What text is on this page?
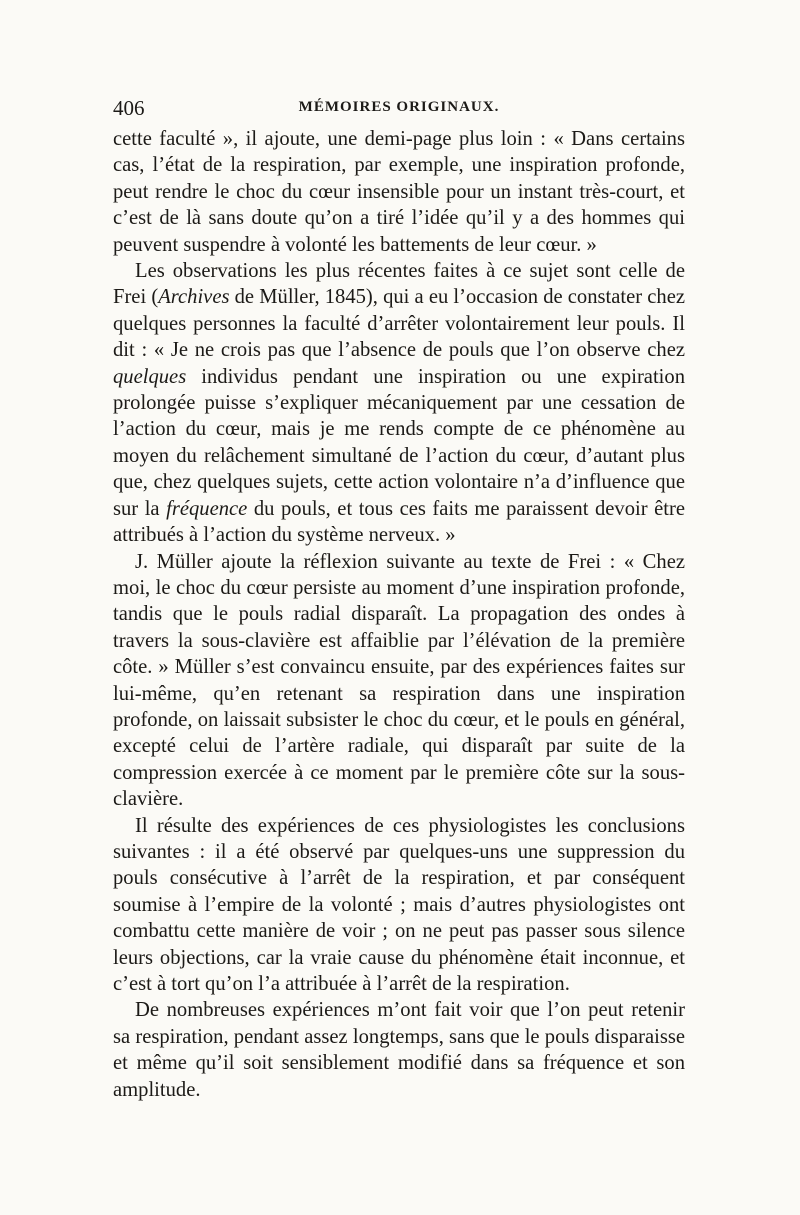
406	MÉMOIRES ORIGINAUX.

cette faculté », il ajoute, une demi-page plus loin : « Dans certains cas, l’état de la respiration, par exemple, une inspiration profonde, peut rendre le choc du cœur insensible pour un instant très-court, et c’est de là sans doute qu’on a tiré l’idée qu’il y a des hommes qui peuvent suspendre à volonté les battements de leur cœur. »

Les observations les plus récentes faites à ce sujet sont celle de Frei (Archives de Müller, 1845), qui a eu l’occasion de constater chez quelques personnes la faculté d’arrêter volontairement leur pouls. Il dit : « Je ne crois pas que l’absence de pouls que l’on observe chez quelques individus pendant une inspiration ou une expiration prolongée puisse s’expliquer mécaniquement par une cessation de l’action du cœur, mais je me rends compte de ce phénomène au moyen du relâchement simultané de l’action du cœur, d’autant plus que, chez quelques sujets, cette action volontaire n’a d’influence que sur la fréquence du pouls, et tous ces faits me paraissent devoir être attribués à l’action du système nerveux. »

J. Müller ajoute la réflexion suivante au texte de Frei : « Chez moi, le choc du cœur persiste au moment d’une inspiration profonde, tandis que le pouls radial disparaît. La propagation des ondes à travers la sous-clavière est affaiblie par l’élévation de la première côte. » Müller s’est convaincu ensuite, par des expériences faites sur lui-même, qu’en retenant sa respiration dans une inspiration profonde, on laissait subsister le choc du cœur, et le pouls en général, excepté celui de l’artère radiale, qui disparaît par suite de la compression exercée à ce moment par le première côte sur la sous-clavière.

Il résulte des expériences de ces physiologistes les conclusions suivantes : il a été observé par quelques-uns une suppression du pouls consécutive à l’arrêt de la respiration, et par conséquent soumise à l’empire de la volonté ; mais d’autres physiologistes ont combattu cette manière de voir ; on ne peut pas passer sous silence leurs objections, car la vraie cause du phénomène était inconnue, et c’est à tort qu’on l’a attribuée à l’arrêt de la respiration.

De nombreuses expériences m’ont fait voir que l’on peut retenir sa respiration, pendant assez longtemps, sans que le pouls disparaisse et même qu’il soit sensiblement modifié dans sa fréquence et son amplitude.
